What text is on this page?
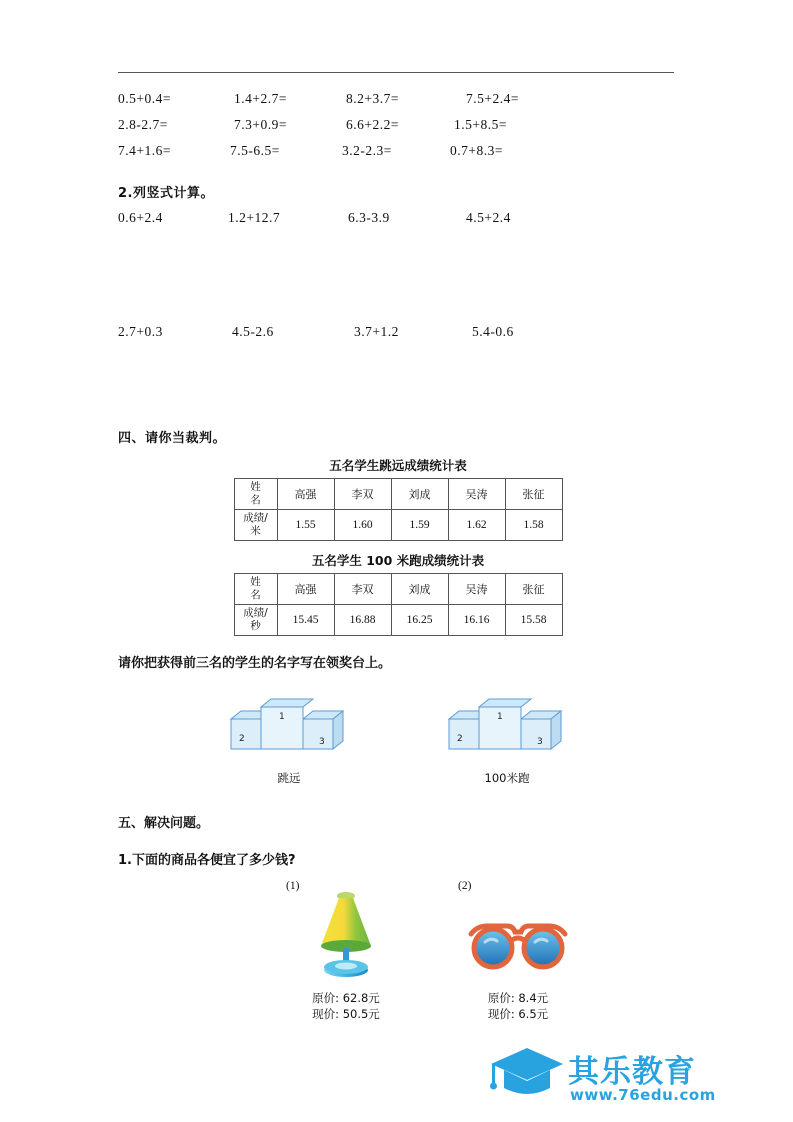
0.5+0.4=	1.4+2.7=	8.2+3.7=	7.5+2.4=
2.8-2.7=	7.3+0.9=	6.6+2.2=	1.5+8.5=
7.4+1.6=	7.5-6.5=	3.2-2.3=	0.7+8.3=
2.列竖式计算。
0.6+2.4	1.2+12.7	6.3-3.9	4.5+2.4
2.7+0.3	4.5-2.6	3.7+1.2	5.4-0.6
四、请你当裁判。
五名学生跳远成绩统计表
姓　名	高强	李双	刘成	吴涛	张征

成绩/
米	1.55	1.60	1.59	1.62	1.58
五名学生 100 米跑成绩统计表
姓　名	高强	李双	刘成	吴涛	张征

成绩/
秒	15.45	16.88	16.25	16.16	15.58
请你把获得前三名的学生的名字写在领奖台上。
2
1
3
跳远
2
1
3
100米跑
五、解决问题。
1.下面的商品各便宜了多少钱?
(1)
原价: 62.8元
现价: 50.5元
(2)
原价: 8.4元
现价: 6.5元
其乐教育
www.76edu.com
